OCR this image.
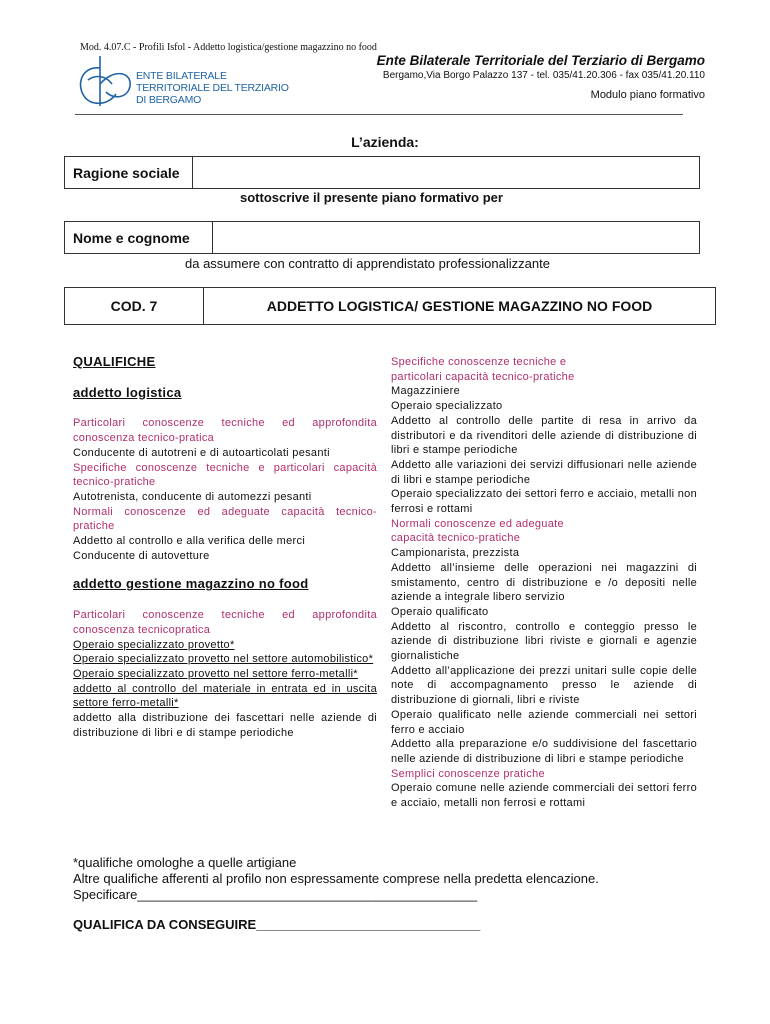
Mod. 4.07.C - Profili Isfol - Addetto logistica/gestione magazzino no food
ENTE BILATERALE
TERRITORIALE DEL TERZIARIO
DI BERGAMO
Ente Bilaterale Territoriale del Terziario di Bergamo
Bergamo,Via Borgo Palazzo 137 - tel. 035/41.20.306 - fax 035/41.20.110
Modulo piano formativo
L’azienda:
Ragione sociale
sottoscrive il presente piano formativo per
Nome e cognome
da assumere con contratto di apprendistato professionalizzante
COD. 7	ADDETTO LOGISTICA/ GESTIONE MAGAZZINO NO FOOD

QUALIFICHE

addetto logistica

Particolari conoscenze tecniche ed approfondita conoscenza tecnico-pratica

Conducente di autotreni e di autoarticolati pesanti

Specifiche conoscenze tecniche e particolari capacità tecnico-pratiche

Autotrenista, conducente di automezzi pesanti

Normali conoscenze ed adeguate capacità tecnico-pratiche

Addetto al controllo e alla verifica delle merci

Conducente di autovetture

addetto gestione magazzino no food

Particolari conoscenze tecniche ed approfondita conoscenza tecnicopratica

Operaio specializzato provetto*

Operaio specializzato provetto nel settore automobilistico*

Operaio specializzato provetto nel settore ferro-metalli*

addetto al controllo del materiale in entrata ed in uscita settore ferro-metalli*

addetto alla distribuzione dei fascettari nelle aziende di distribuzione di libri e di stampe periodiche

Specifiche conoscenze tecniche e

particolari capacità tecnico-pratiche

Magazziniere

Operaio specializzato

Addetto al controllo delle partite di resa in arrivo da distributori e da rivenditori delle aziende di distribuzione di libri e stampe periodiche

Addetto alle variazioni dei servizi diffusionari nelle aziende di libri e stampe periodiche

Operaio specializzato dei settori ferro e acciaio, metalli non ferrosi e rottami

Normali conoscenze ed adeguate

capacità tecnico-pratiche

Campionarista, prezzista

Addetto all’insieme delle operazioni nei magazzini di smistamento, centro di distribuzione e /o depositi nelle aziende a integrale libero servizio

Operaio qualificato

Addetto al riscontro, controllo e conteggio presso le aziende di distribuzione libri riviste e giornali e agenzie giornalistiche

Addetto all’applicazione dei prezzi unitari sulle copie delle note di accompagnamento presso le aziende di distribuzione di giornali, libri e riviste

Operaio qualificato nelle aziende commerciali nei settori ferro e acciaio

Addetto alla preparazione e/o suddivisione del fascettario nelle aziende di distribuzione di libri e stampe periodiche

Semplici conoscenze pratiche

Operaio comune nelle aziende commerciali dei settori ferro e acciaio, metalli non ferrosi e rottami

*qualifiche omologhe a quelle artigiane
Altre qualifiche afferenti al profilo non espressamente comprese nella predetta elencazione.
Specificare_______________________________________________
QUALIFICA DA CONSEGUIRE_______________________________
